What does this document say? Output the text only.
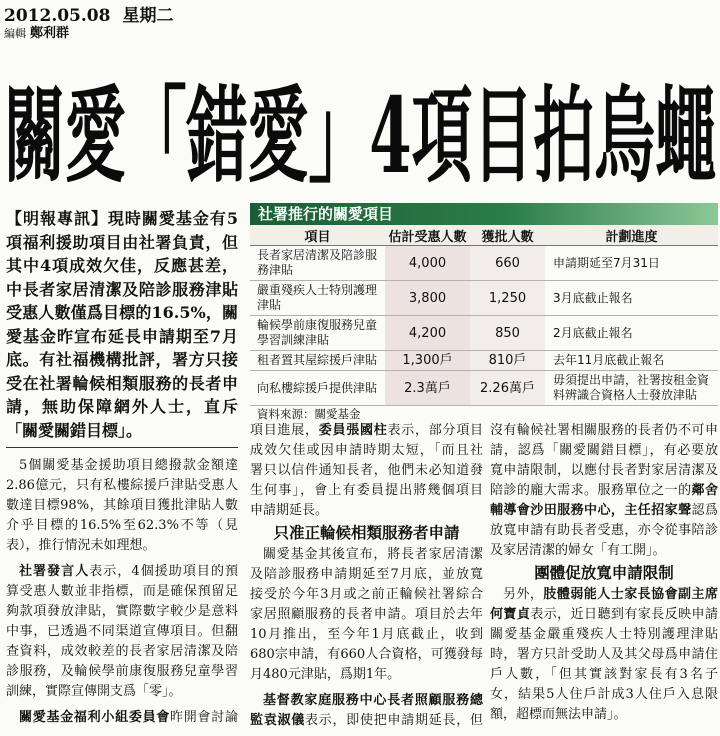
2012.05.08 星期二
編輯 鄭利群
關愛「錯愛」4項目拍烏蠅
【明報專訊】現時關愛基金有5
項福利援助項目由社署負責，但
其中4項成效欠佳，反應甚差，
中長者家居清潔及陪診服務津貼
受惠人數僅爲目標的16.5%，關
愛基金昨宣布延長申請期至7月
底。有社福機構批評，署方只接
受在社署輪候相類服務的長者申
請，無助保障網外人士，直斥
「關愛關錯目標」。
社署推行的關愛項目
項目	估計受惠人數	獲批人數	計劃進度
長者家居清潔及陪診服務津貼	4,000	660	申請期延至7月31日
嚴重殘疾人士特別護理津貼	3,800	1,250	3月底截止報名
輪候學前康復服務兒童學習訓練津貼	4,200	850	2月底截止報名
租者置其屋綜援戶津貼	1,300戶	810戶	去年11月底截止報名
向私樓綜援戶提供津貼	2.3萬戶	2.26萬戶	毋須提出申請，社署按租金資料辨識合資格人士發放津貼
資料來源：關愛基金
5個關愛基金援助項目總撥款金額達
2.86億元，只有私樓綜援戶津貼受惠人
數達目標98%，其餘項目獲批津貼人數
介乎目標的16.5%至62.3%不等（見
表），推行情況未如理想。
社署發言人表示，4個援助項目的預
算受惠人數並非指標，而是確保預留足
夠款項發放津貼，實際數字較少是意料
中事，已透過不同渠道宣傳項目。但翻
查資料，成效較差的長者家居清潔及陪
診服務，及輪候學前康復服務兒童學習
訓練，實際宣傳開支爲「零」。
關愛基金福利小組委員會昨開會討論
項目進展，委員張國柱表示，部分項目
成效欠佳或因申請時期太短，「而且社
署只以信件通知長者，他們未必知道發
生何事」，會上有委員提出將幾個項目
申請期延長。
只准正輪候相類服務者申請
關愛基金其後宣布，將長者家居清潔
及陪診服務申請期延至7月底，並放寬
接受於今年3月或之前正輪候社署綜合
家居照顧服務的長者申請。項目於去年
10月推出，至今年1月底截止，收到
680宗申請，有660人合資格，可獲發每
月480元津貼，爲期1年。
基督教家庭服務中心長者照顧服務總
監袁淑儀表示，即使把申請期延長，但
沒有輪候社署相關服務的長者仍不可申
請，認爲「關愛關錯目標」，有必要放
寬申請限制，以應付長者對家居清潔及
陪診的龐大需求。服務單位之一的鄰舍
輔導會沙田服務中心，主任招家聲認爲
放寬申請有助長者受惠，亦令從事陪診
及家居清潔的婦女「有工開」。
團體促放寬申請限制
另外，肢體弱能人士家長協會副主席
何寶貞表示，近日聽到有家長反映申請
關愛基金嚴重殘疾人士特別護理津貼
時，署方只計受助人及其父母爲申請住
戶人數，「但其實該對家長有3名子
女，結果5人住戶計成3人住戶入息限
額，超標而無法申請」。
